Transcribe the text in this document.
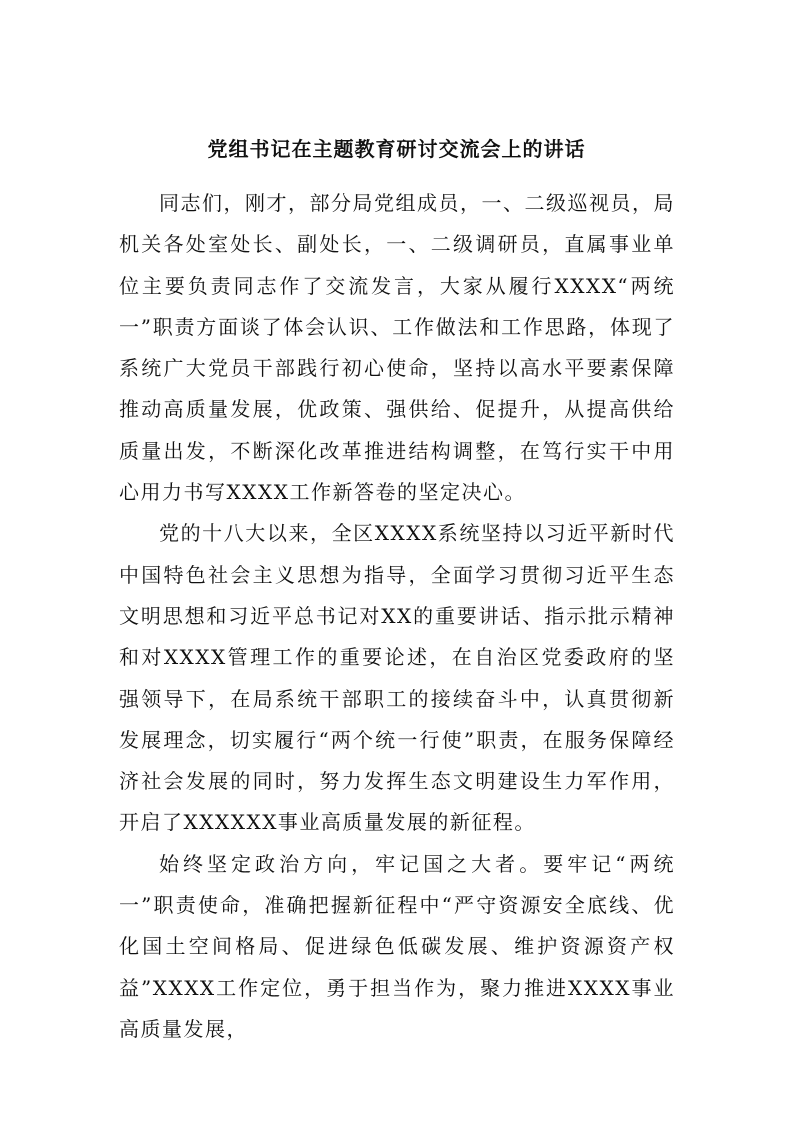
党组书记在主题教育研讨交流会上的讲话

同志们，刚才，部分局党组成员，一、二级巡视员，局机关各处室处长、副处长，一、二级调研员，直属事业单位主要负责同志作了交流发言，大家从履行XXXX“两统一”职责方面谈了体会认识、工作做法和工作思路，体现了系统广大党员干部践行初心使命，坚持以高水平要素保障推动高质量发展，优政策、强供给、促提升，从提高供给质量出发，不断深化改革推进结构调整，在笃行实干中用心用力书写XXXX工作新答卷的坚定决心。

党的十八大以来，全区XXXX系统坚持以习近平新时代中国特色社会主义思想为指导，全面学习贯彻习近平生态文明思想和习近平总书记对XX的重要讲话、指示批示精神和对XXXX管理工作的重要论述，在自治区党委政府的坚强领导下，在局系统干部职工的接续奋斗中，认真贯彻新发展理念，切实履行“两个统一行使”职责，在服务保障经济社会发展的同时，努力发挥生态文明建设生力军作用，开启了XXXXXX事业高质量发展的新征程。

始终坚定政治方向，牢记国之大者。要牢记“两统一”职责使命，准确把握新征程中“严守资源安全底线、优化国土空间格局、促进绿色低碳发展、维护资源资产权益”XXXX工作定位，勇于担当作为，聚力推进XXXX事业高质量发展，
